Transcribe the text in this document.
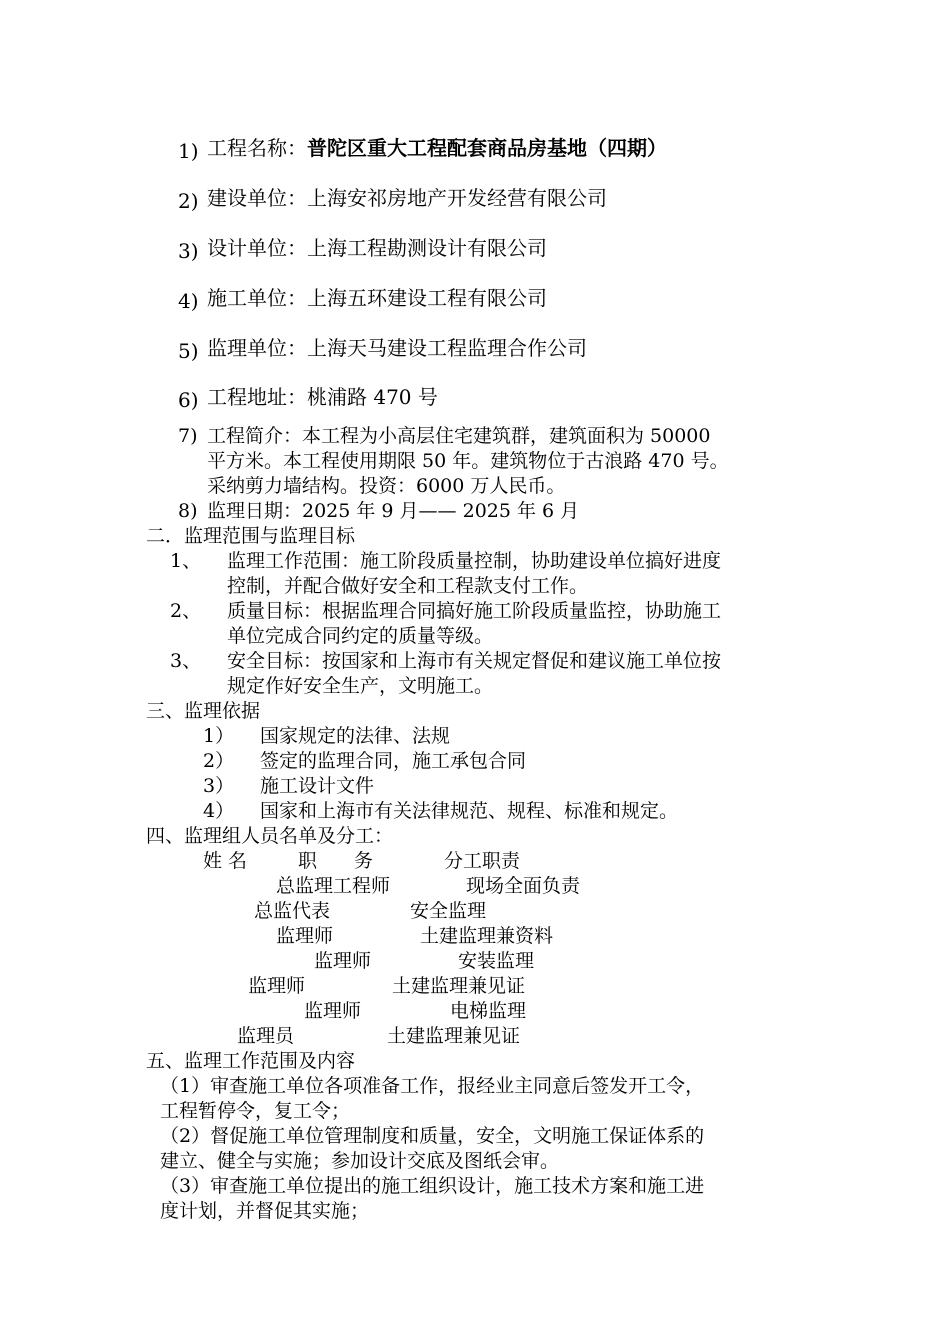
1) 工程名称：普陀区重大工程配套商品房基地（四期）
2) 建设单位：上海安祁房地产开发经营有限公司
3) 设计单位：上海工程勘测设计有限公司
4) 施工单位：上海五环建设工程有限公司
5) 监理单位：上海天马建设工程监理合作公司
6) 工程地址：桃浦路 470 号
7) 工程简介：本工程为小高层住宅建筑群，建筑面积为 50000
平方米。本工程使用期限 50 年。建筑物位于古浪路 470 号。
采纳剪力墙结构。投资：6000 万人民币。
8) 监理日期：2025 年 9 月—— 2025 年 6 月
二．监理范围与监理目标
1、 监理工作范围：施工阶段质量控制，协助建设单位搞好进度
控制，并配合做好安全和工程款支付工作。
2、 质量目标：根据监理合同搞好施工阶段质量监控，协助施工
单位完成合同约定的质量等级。
3、 安全目标：按国家和上海市有关规定督促和建议施工单位按
规定作好安全生产，文明施工。
三、监理依据
1） 国家规定的法律、法规
2） 签定的监理合同，施工承包合同
3） 施工设计文件
4） 国家和上海市有关法律规范、规程、标准和规定。
四、监理组人员名单及分工：
姓 名	职 务	分工职责
总监理工程师	现场全面负责
总监代表	安全监理
监理师	土建监理兼资料
监理师	安装监理
监理师	土建监理兼见证
监理师	电梯监理
监理员	土建监理兼见证
五、监理工作范围及内容
（1）审查施工单位各项准备工作，报经业主同意后签发开工令，
工程暂停令，复工令；
（2）督促施工单位管理制度和质量，安全，文明施工保证体系的
建立、健全与实施；参加设计交底及图纸会审。
（3）审查施工单位提出的施工组织设计，施工技术方案和施工进
度计划，并督促其实施；
